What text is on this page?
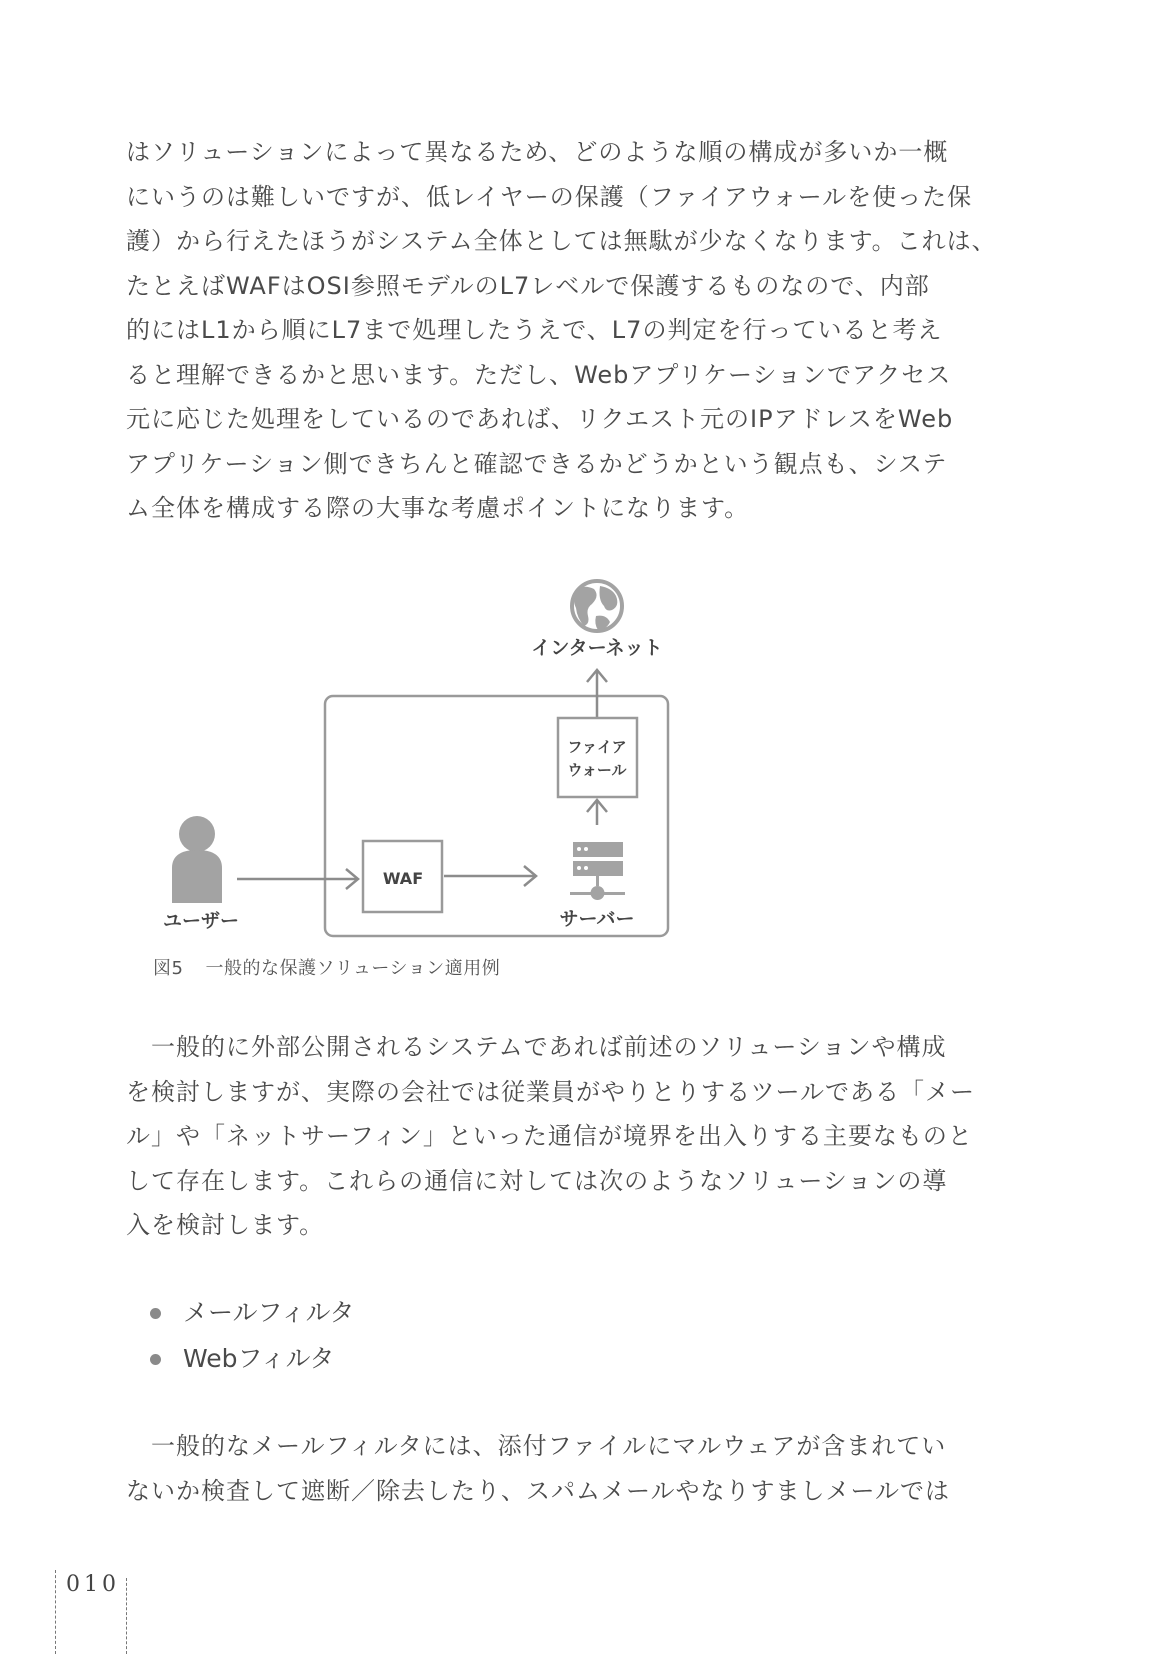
はソリューションによって異なるため、どのような順の構成が多いか一概
にいうのは難しいですが、低レイヤーの保護（ファイアウォールを使った保
護）から行えたほうがシステム全体としては無駄が少なくなります。これは、
たとえばWAFはOSI参照モデルのL7レベルで保護するものなので、内部
的にはL1から順にL7まで処理したうえで、L7の判定を行っていると考え
ると理解できるかと思います。ただし、Webアプリケーションでアクセス
元に応じた処理をしているのであれば、リクエスト元のIPアドレスをWeb
アプリケーション側できちんと確認できるかどうかという観点も、システ
ム全体を構成する際の大事な考慮ポイントになります。
インターネット
ファイア
ウォール
サーバー
ユーザー
WAF
図5 一般的な保護ソリューション適用例
　一般的に外部公開されるシステムであれば前述のソリューションや構成
を検討しますが、実際の会社では従業員がやりとりするツールである「メー
ル」や「ネットサーフィン」といった通信が境界を出入りする主要なものと
して存在します。これらの通信に対しては次のようなソリューションの導
入を検討します。
メールフィルタ
Webフィルタ
　一般的なメールフィルタには、添付ファイルにマルウェアが含まれてい
ないか検査して遮断／除去したり、スパムメールやなりすましメールでは
010
